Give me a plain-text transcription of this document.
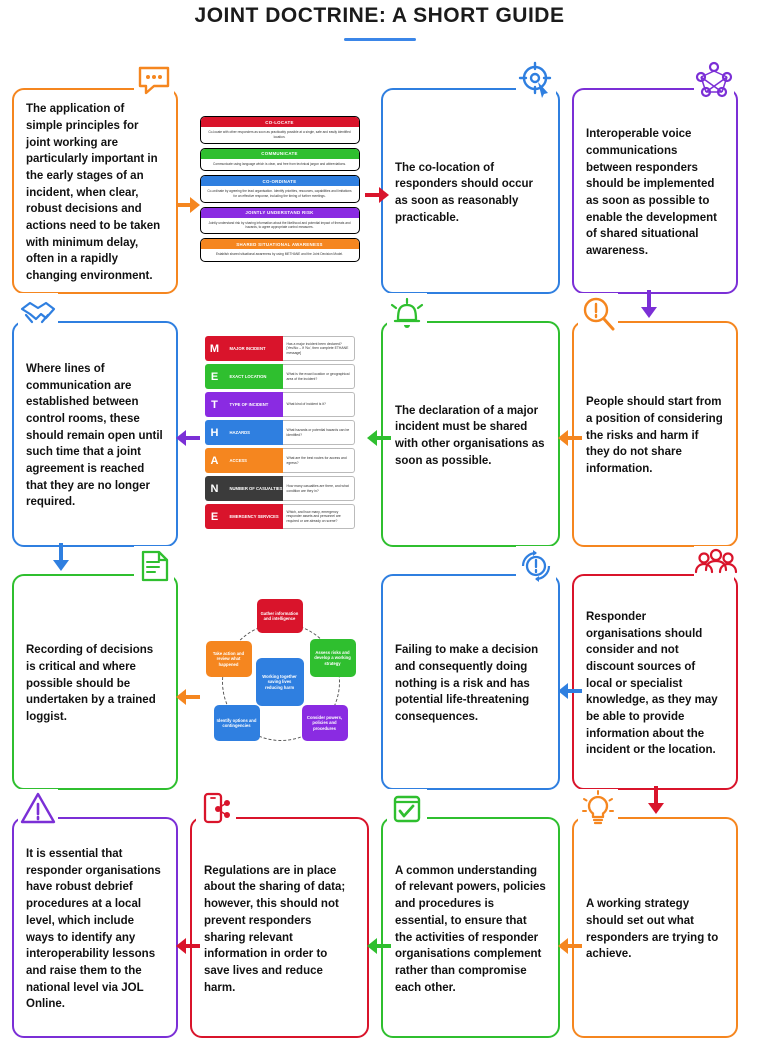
JOINT DOCTRINE: A SHORT GUIDE

The application of simple principles for joint working are particularly important in the early stages of an incident, when clear, robust decisions and actions need to be taken with minimum delay, often in a rapidly changing environment.

CO-LOCATE
Co-locate with other responders as soon as practicably possible at a single, safe and easily identified location.
COMMUNICATE
Communicate using language which is clear, and free from technical jargon and abbreviations.
CO-ORDINATE
Co-ordinate by agreeing the lead organisation. Identify priorities, resources, capabilities and limitations for an effective response, including the timing of further meetings.
JOINTLY UNDERSTAND RISK
Jointly understand risk by sharing information about the likelihood and potential impact of threats and hazards, to agree appropriate control measures.
SHARED SITUATIONAL AWARENESS
Establish shared situational awareness by using METHANE and the Joint Decision Model.

The co-location of responders should occur as soon as reasonably practicable.

Interoperable voice communications between responders should be implemented as soon as possible to enable the development of shared situational awareness.

Where lines of communication are established between control rooms, these should remain open until such time that a joint agreement is reached that they are no longer required.

M	MAJOR INCIDENT
Has a major incident been declared? [Yes/No – If 'No', then complete ETHANE message]
E	EXACT LOCATION	What is the exact location or geographical area of the incident?
T	TYPE OF INCIDENT	What kind of incident is it?
H	HAZARDS	What hazards or potential hazards can be identified?
A	ACCESS	What are the best routes for access and egress?
N	NUMBER OF CASUALTIES	How many casualties are there, and what condition are they in?
E	EMERGENCY SERVICES
Which, and how many, emergency responder assets and personnel are required or are already on scene?

The declaration of a major incident must be shared with other organisations as soon as possible.

People should start from a position of considering the risks and harm if they do not share information.

Recording of decisions is critical and where possible should be undertaken by a trained loggist.

Working together saving lives reducing harm
Gather information and intelligence
Assess risks and develop a working strategy
Consider powers, policies and procedures
Identify options and contingencies
Take action and review what happened

Failing to make a decision and consequently doing nothing is a risk and has potential life-threatening consequences.

Responder organisations should consider and not discount sources of local or specialist knowledge, as they may be able to provide information about the incident or the location.

It is essential that responder organisations have robust debrief procedures at a local level, which include ways to identify any interoperability lessons and raise them to the national level via JOL Online.

Regulations are in place about the sharing of data; however, this should not prevent responders sharing relevant information in order to save lives and reduce harm.

A common understanding of relevant powers, policies and procedures is essential, to ensure that the activities of responder organisations complement rather than compromise each other.

A working strategy should set out what responders are trying to achieve.
